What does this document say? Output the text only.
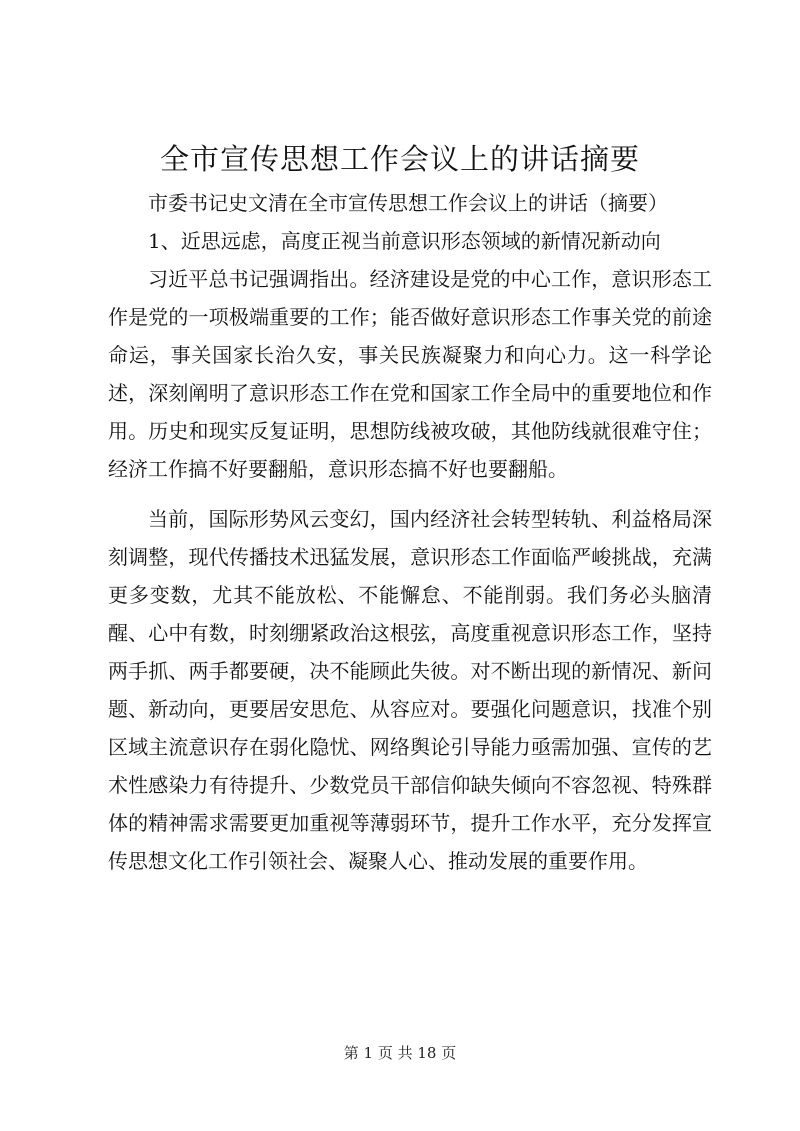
全市宣传思想工作会议上的讲话摘要

市委书记史文清在全市宣传思想工作会议上的讲话（摘要）

1、近思远虑，高度正视当前意识形态领域的新情况新动向

习近平总书记强调指出。经济建设是党的中心工作，意识形态工作是党的一项极端重要的工作；能否做好意识形态工作事关党的前途命运，事关国家长治久安，事关民族凝聚力和向心力。这一科学论述，深刻阐明了意识形态工作在党和国家工作全局中的重要地位和作用。历史和现实反复证明，思想防线被攻破，其他防线就很难守住；经济工作搞不好要翻船，意识形态搞不好也要翻船。

当前，国际形势风云变幻，国内经济社会转型转轨、利益格局深刻调整，现代传播技术迅猛发展，意识形态工作面临严峻挑战，充满更多变数，尤其不能放松、不能懈怠、不能削弱。我们务必头脑清醒、心中有数，时刻绷紧政治这根弦，高度重视意识形态工作，坚持两手抓、两手都要硬，决不能顾此失彼。对不断出现的新情况、新问题、新动向，更要居安思危、从容应对。要强化问题意识，找准个别区域主流意识存在弱化隐忧、网络舆论引导能力亟需加强、宣传的艺术性感染力有待提升、少数党员干部信仰缺失倾向不容忽视、特殊群体的精神需求需要更加重视等薄弱环节，提升工作水平，充分发挥宣传思想文化工作引领社会、凝聚人心、推动发展的重要作用。

第 1 页 共 18 页
